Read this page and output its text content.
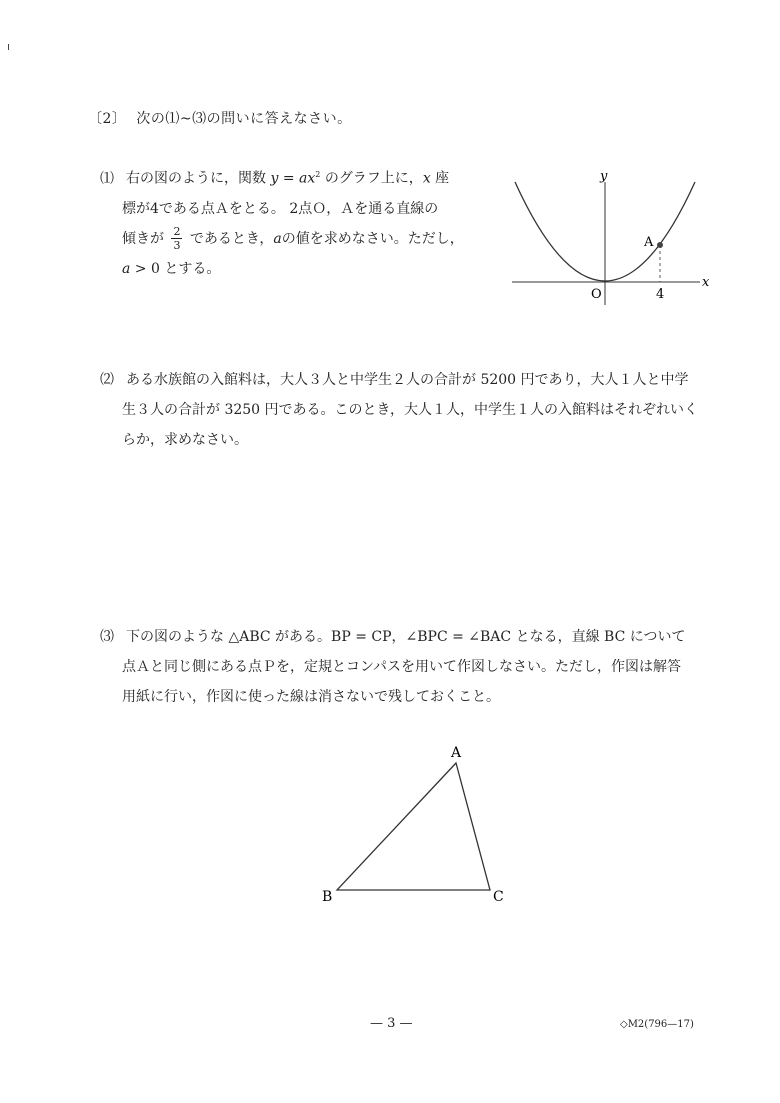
〔2〕 次の⑴~⑶の問いに答えなさい。
⑴ 右の図のように，関数 $y = ax^2$ のグラフ上に，x 座
標が4である点Ａをとる。 2点Ｏ，Ａを通る直線の
傾きが $\frac{2}{3}$ であるとき，aの値を求めなさい。ただし，
a > 0 とする。
y
x
O
A
4
⑵ ある水族館の入館料は，大人３人と中学生２人の合計が 5200 円であり，大人１人と中学
生３人の合計が 3250 円である。このとき，大人１人，中学生１人の入館料はそれぞれいく
らか，求めなさい。
⑶ 下の図のような △ABC がある。BP = CP，∠BPC = ∠BAC となる，直線 BC について
点Ａと同じ側にある点Ｐを，定規とコンパスを用いて作図しなさい。ただし，作図は解答
用紙に行い，作図に使った線は消さないで残しておくこと。
A
B	C
— 3 —	◇M2(796—17)
